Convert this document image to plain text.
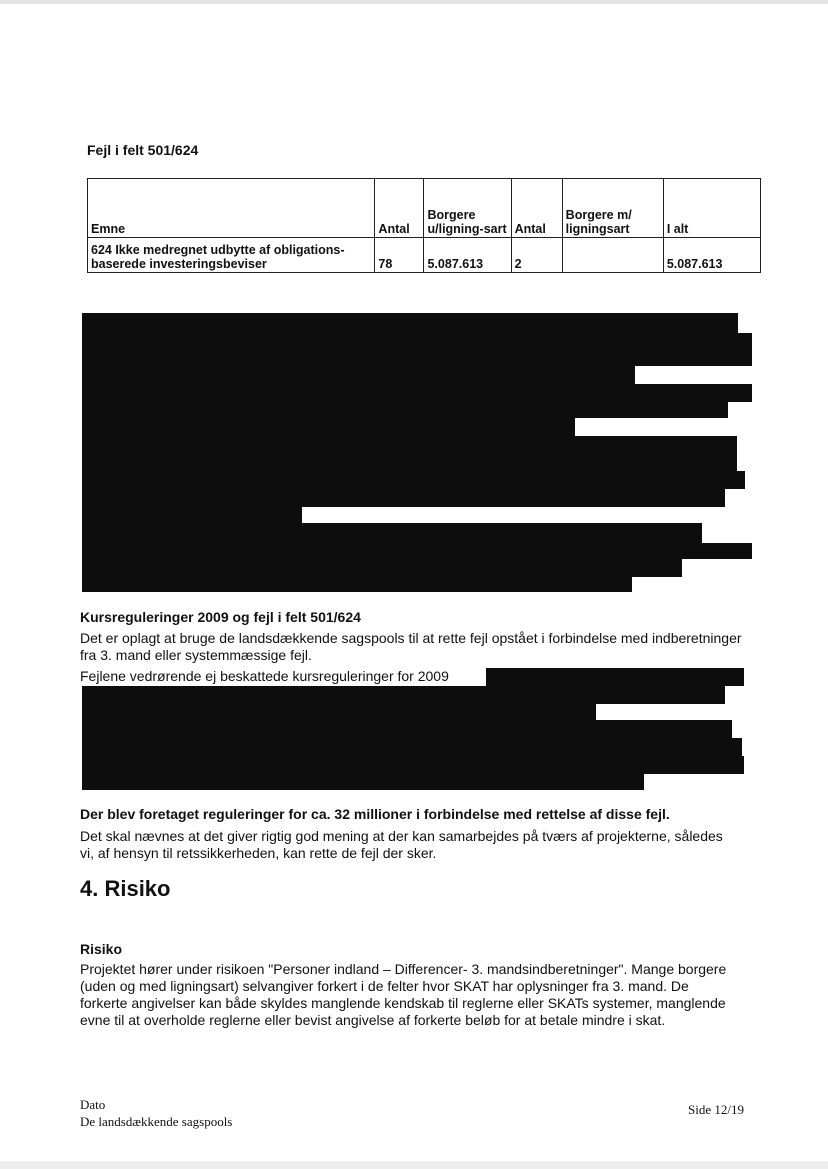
Fejl i felt 501/624
Emne	Antal	Borgere u/ligning-sart	Antal	Borgere m/ ligningsart	I alt
624 Ikke medregnet udbytte af obligations-baserede investeringsbeviser	78	5.087.613	2		5.087.613
Kursreguleringer 2009 og fejl i felt 501/624
Det er oplagt at bruge de landsdækkende sagspools til at rette fejl opstået i forbindelse med indberetninger fra 3. mand eller systemmæssige fejl.
Fejlene vedrørende ej beskattede kursreguleringer for 2009
Der blev foretaget reguleringer for ca. 32 millioner i forbindelse med rettelse af disse fejl.
Det skal nævnes at det giver rigtig god mening at der kan samarbejdes på tværs af projekterne, således vi, af hensyn til retssikkerheden, kan rette de fejl der sker.
4. Risiko
Risiko
Projektet hører under risikoen "Personer indland – Differencer- 3. mandsindberetninger". Mange borgere (uden og med ligningsart) selvangiver forkert i de felter hvor SKAT har oplysninger fra 3. mand. De forkerte angivelser kan både skyldes manglende kendskab til reglerne eller SKATs systemer, manglende evne til at overholde reglerne eller bevist angivelse af forkerte beløb for at betale mindre i skat.
Dato
De landsdækkende sagspools
Side 12/19
